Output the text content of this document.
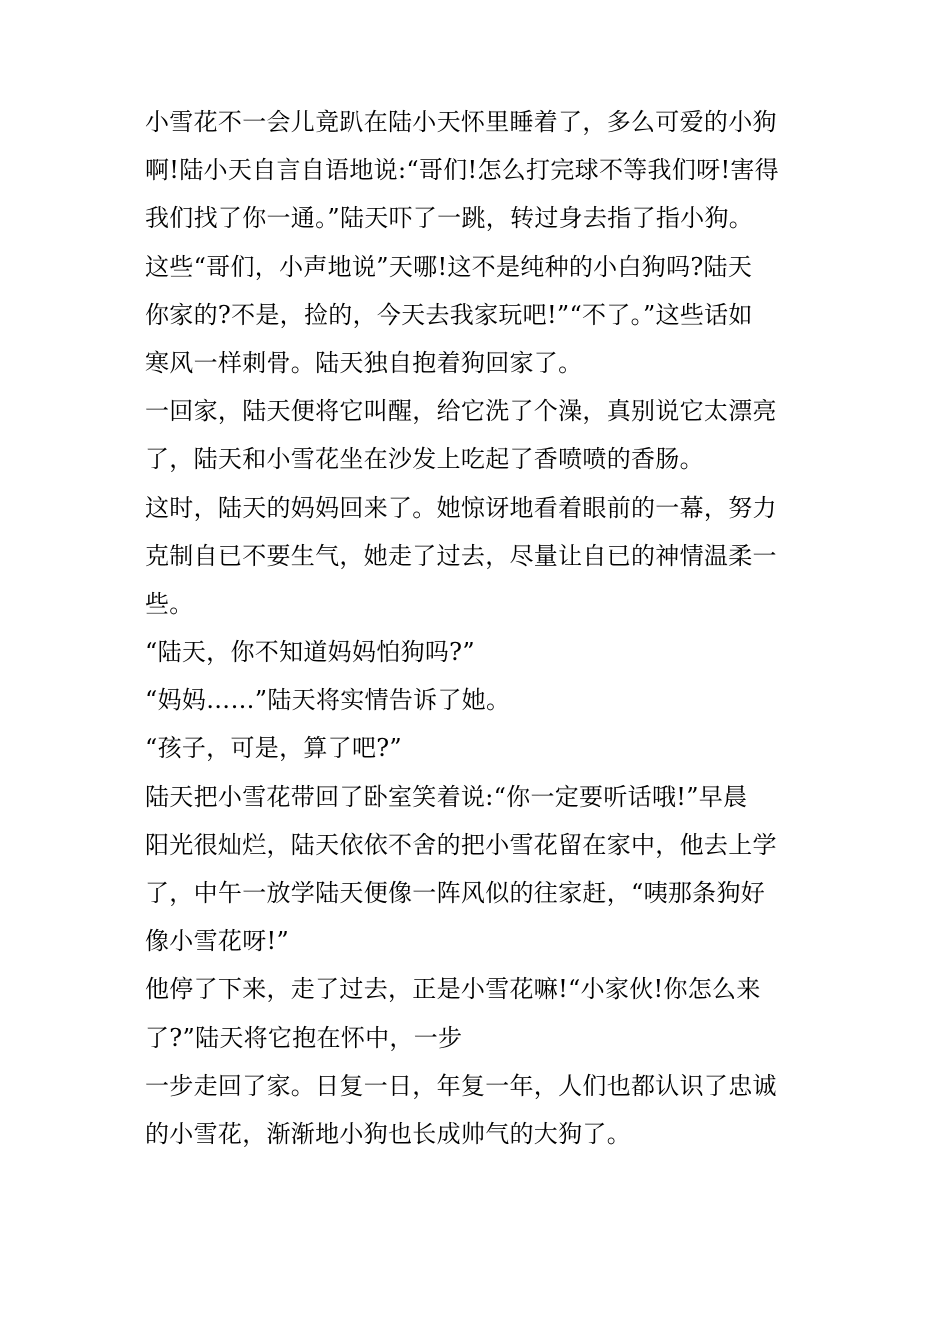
小雪花不一会儿竟趴在陆小天怀里睡着了，多么可爱的小狗
啊!陆小天自言自语地说:“哥们!怎么打完球不等我们呀!害得
我们找了你一通。”陆天吓了一跳，转过身去指了指小狗。
这些“哥们，小声地说”天哪!这不是纯种的小白狗吗?陆天
你家的?不是，捡的，今天去我家玩吧!”“不了。”这些话如
寒风一样刺骨。陆天独自抱着狗回家了。
一回家，陆天便将它叫醒，给它洗了个澡，真别说它太漂亮
了，陆天和小雪花坐在沙发上吃起了香喷喷的香肠。
这时，陆天的妈妈回来了。她惊讶地看着眼前的一幕，努力
克制自已不要生气，她走了过去，尽量让自已的神情温柔一
些。
“陆天，你不知道妈妈怕狗吗?”
“妈妈……”陆天将实情告诉了她。
“孩子，可是，算了吧?”
陆天把小雪花带回了卧室笑着说:“你一定要听话哦!”早晨
阳光很灿烂，陆天依依不舍的把小雪花留在家中，他去上学
了，中午一放学陆天便像一阵风似的往家赶，“咦那条狗好
像小雪花呀!”
他停了下来，走了过去，正是小雪花嘛!“小家伙!你怎么来
了?”陆天将它抱在怀中，一步
一步走回了家。日复一日，年复一年，人们也都认识了忠诚
的小雪花，渐渐地小狗也长成帅气的大狗了。
